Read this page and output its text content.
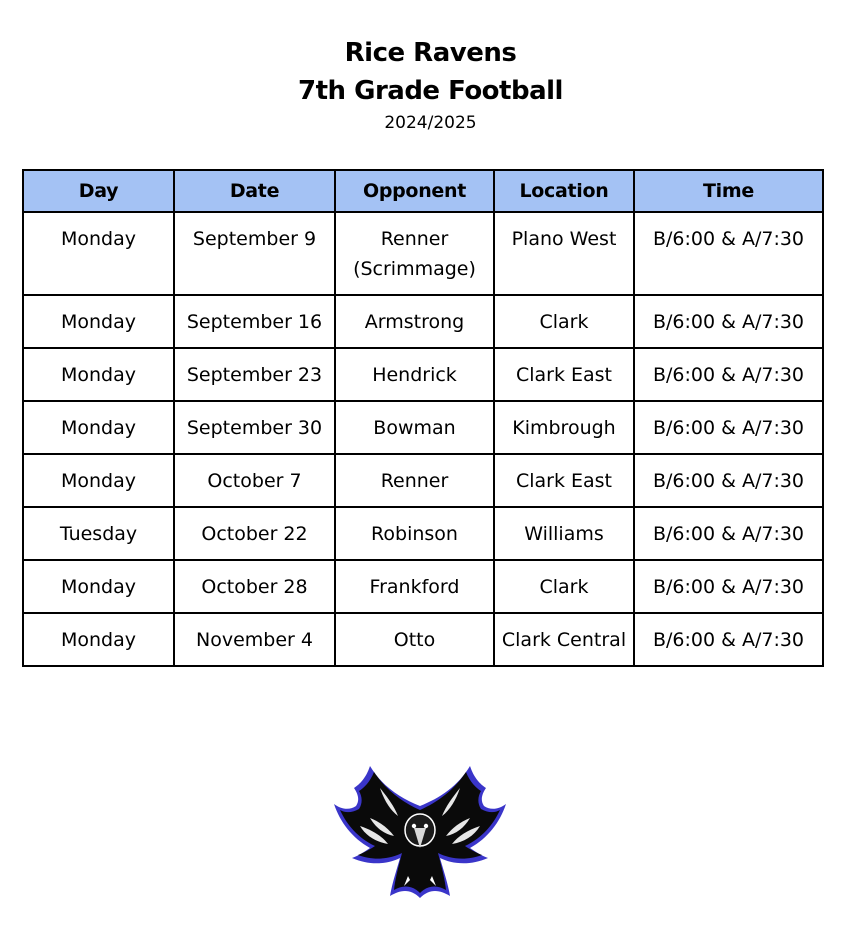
Rice Ravens
7th Grade Football
2024/2025
Day	Date	Opponent	Location	Time
Monday	September 9	Renner (Scrimmage)	Plano West	B/6:00 & A/7:30
Monday	September 16	Armstrong	Clark	B/6:00 & A/7:30
Monday	September 23	Hendrick	Clark East	B/6:00 & A/7:30
Monday	September 30	Bowman	Kimbrough	B/6:00 & A/7:30
Monday	October 7	Renner	Clark East	B/6:00 & A/7:30
Tuesday	October 22	Robinson	Williams	B/6:00 & A/7:30
Monday	October 28	Frankford	Clark	B/6:00 & A/7:30
Monday	November 4	Otto	Clark Central	B/6:00 & A/7:30
